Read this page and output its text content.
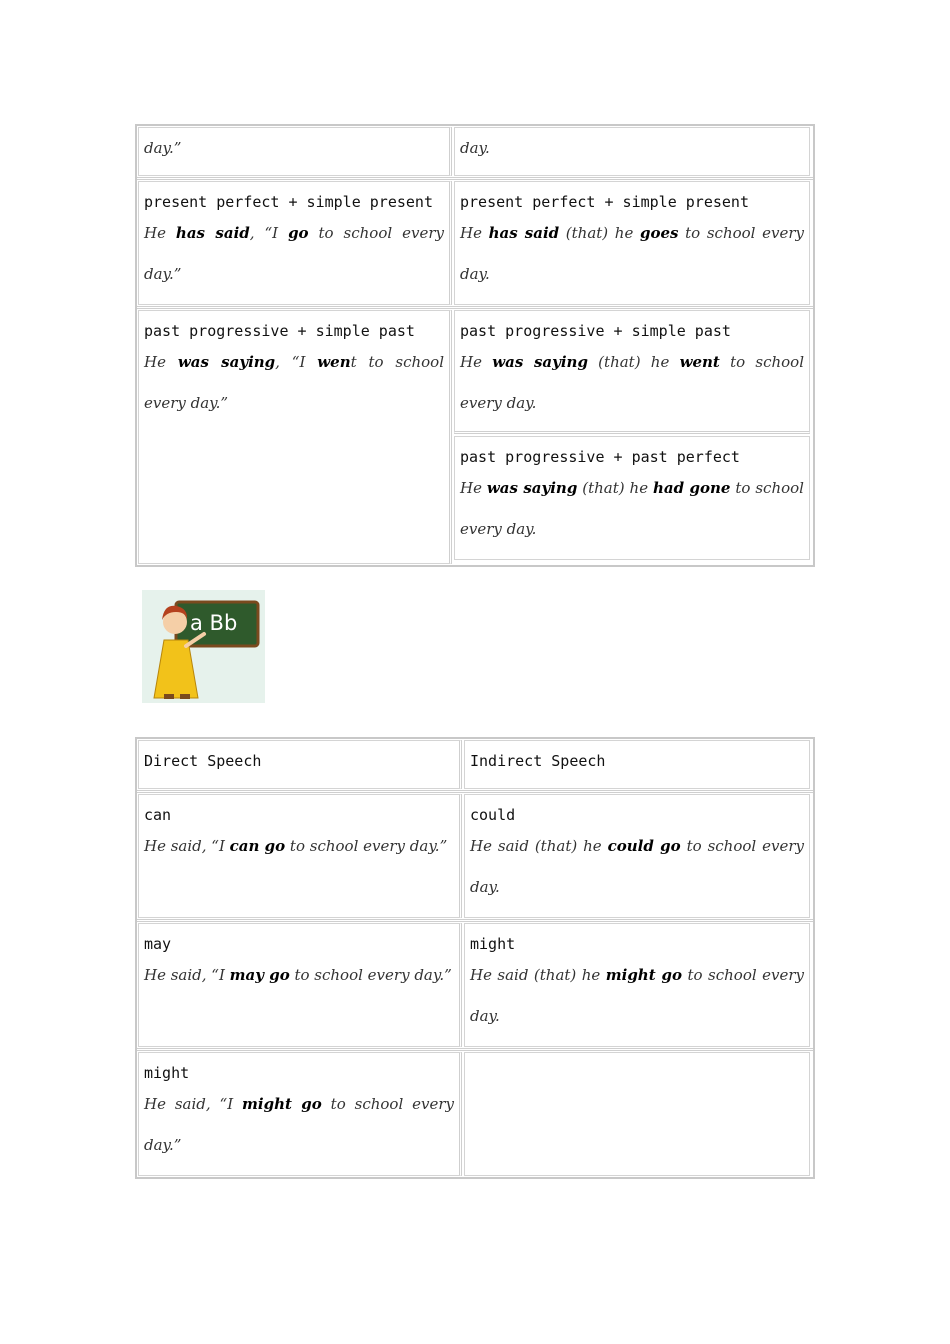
day.”	day.
present perfect + simple present
He has said, “I go to school every day.”
present perfect + simple present
He has said (that) he goes to school every day.
past progressive + simple past
He was saying, “I went to school every day.”
past progressive + simple past
He was saying (that) he went to school every day.
past progressive + past perfect
He was saying (that) he had gone to school every day.
a Bb
Direct Speech	Indirect Speech
can
He said, “I can go to school every day.”
could
He said (that) he could go to school every day.
may
He said, “I may go to school every day.”
might
He said (that) he might go to school every day.
might
He said, “I might go to school every day.”
